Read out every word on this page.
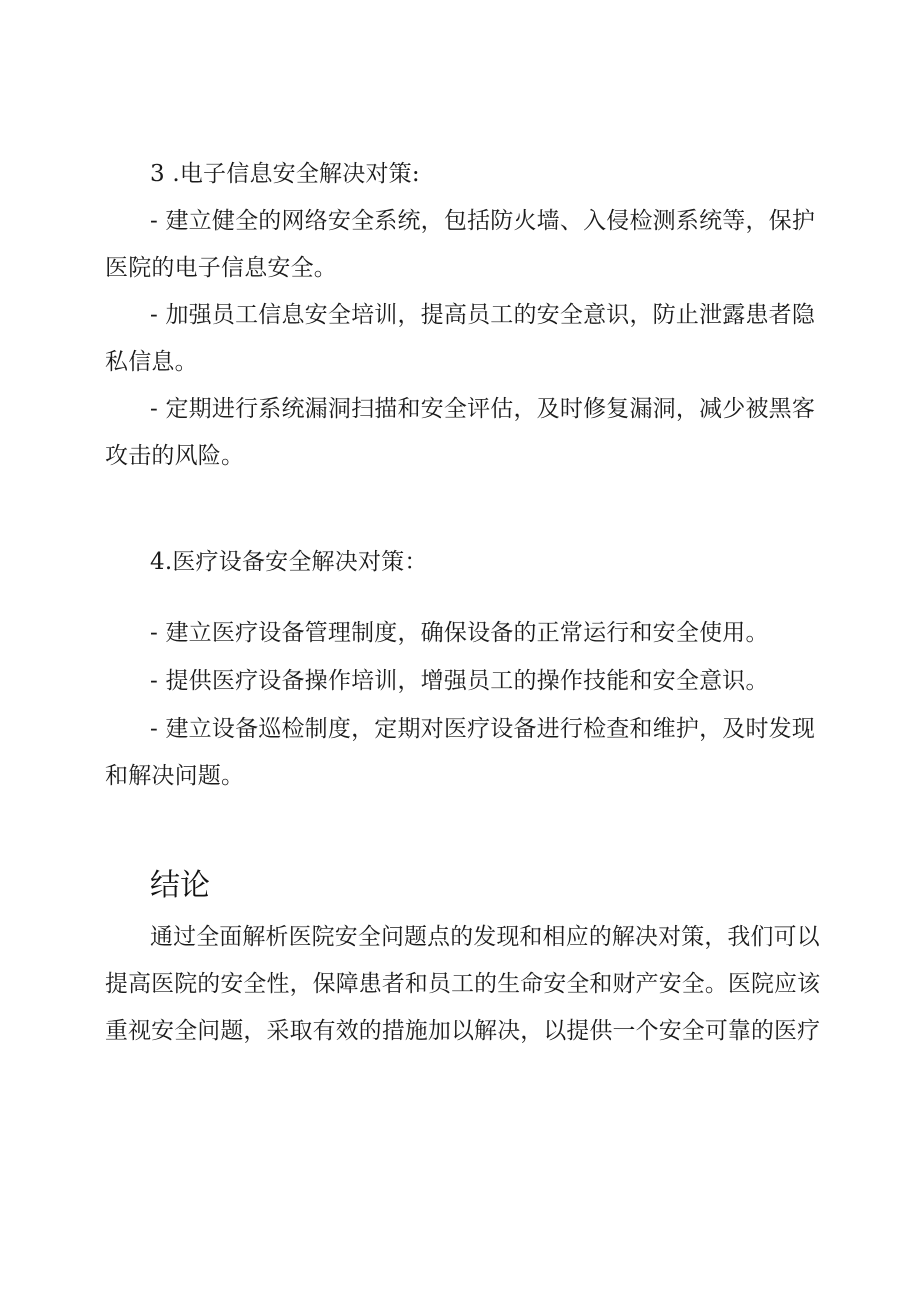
3 .电子信息安全解决对策:
- 建立健全的网络安全系统，包括防火墙、入侵检测系统等，保护
医院的电子信息安全。
- 加强员工信息安全培训，提高员工的安全意识，防止泄露患者隐
私信息。
- 定期进行系统漏洞扫描和安全评估，及时修复漏洞，减少被黑客
攻击的风险。
4.医疗设备安全解决对策：
- 建立医疗设备管理制度，确保设备的正常运行和安全使用。
- 提供医疗设备操作培训，增强员工的操作技能和安全意识。
- 建立设备巡检制度，定期对医疗设备进行检查和维护，及时发现
和解决问题。
结论
通过全面解析医院安全问题点的发现和相应的解决对策，我们可以
提高医院的安全性，保障患者和员工的生命安全和财产安全。医院应该
重视安全问题，采取有效的措施加以解决，以提供一个安全可靠的医疗
